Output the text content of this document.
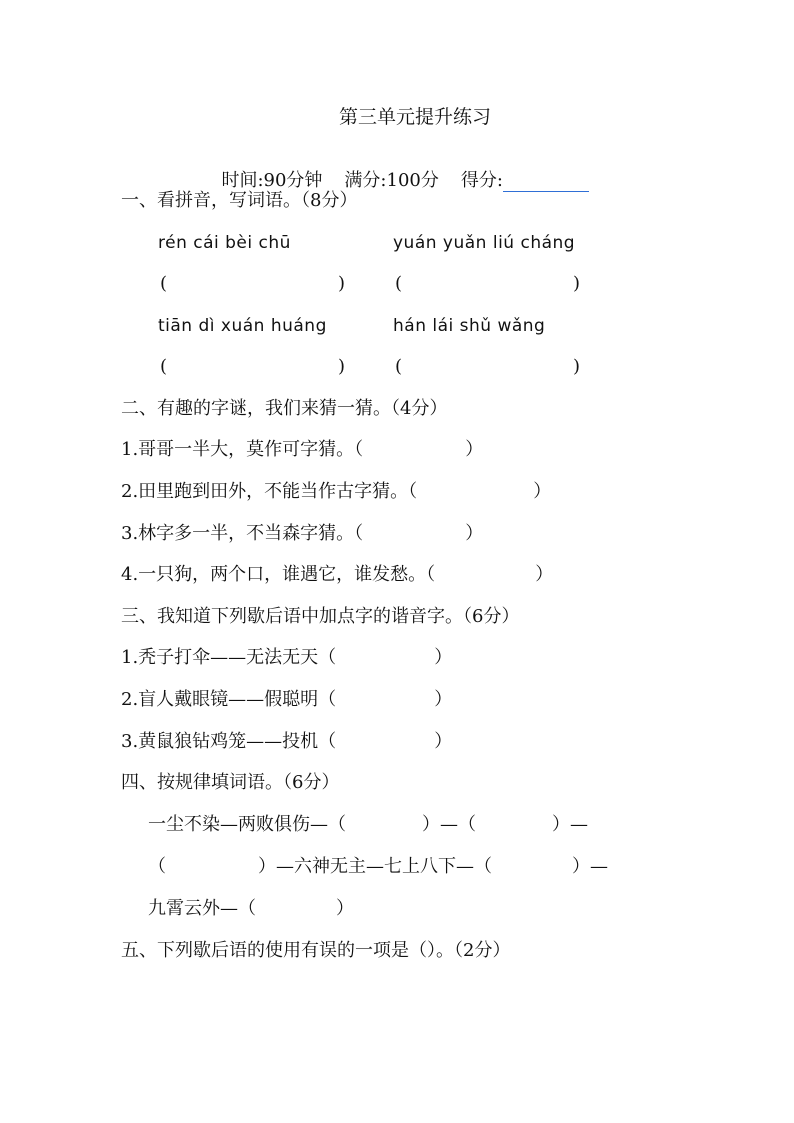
第三单元提升练习

时间:90分钟 满分:100分 得分:

一、看拼音，写词语。（8分）
rén cái bèi chū	yuán yuǎn liú cháng
(	)	(	)
tiān dì xuán huáng	hán lái shǔ wǎng
(	)	(	)
二、有趣的字谜，我们来猜一猜。（4分）
1.哥哥一半大，莫作可字猜。（	）
2.田里跑到田外，不能当作古字猜。（	）
3.林字多一半，不当森字猜。（	）
4.一只狗，两个口，谁遇它，谁发愁。（	）
三、我知道下列歇后语中加点字的谐音字。（6分）
1.秃子打伞——无法无天（	）
2.盲人戴眼镜——假聪明（	）
3.黄鼠狼钻鸡笼——投机（	）
四、按规律填词语。（6分）
一尘不染—两败俱伤—（	）—（	）—
（	）—六神无主—七上八下—（	）—
九霄云外—（	）
五、下列歇后语的使用有误的一项是（）。（2分）
